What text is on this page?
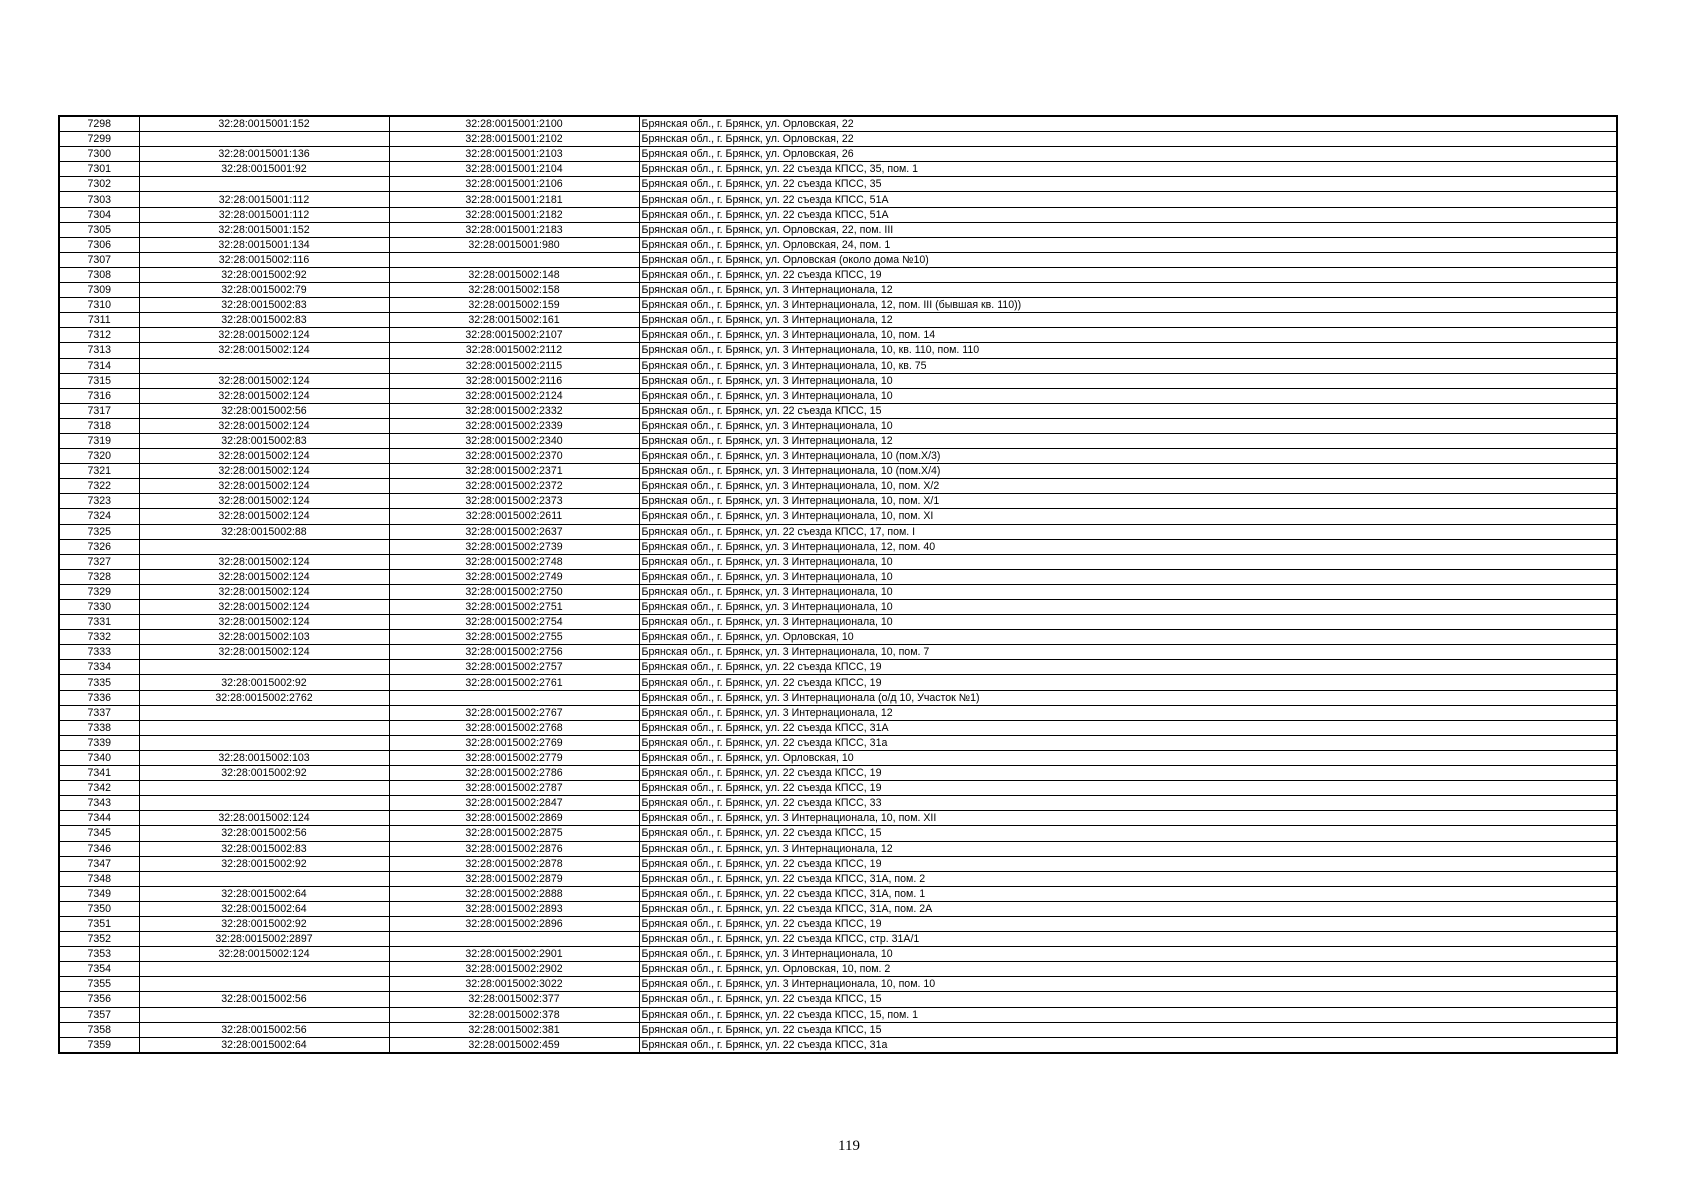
7298	32:28:0015001:152	32:28:0015001:2100	Брянская обл., г. Брянск, ул. Орловская, 22
7299		32:28:0015001:2102	Брянская обл., г. Брянск, ул. Орловская, 22
7300	32:28:0015001:136	32:28:0015001:2103	Брянская обл., г. Брянск, ул. Орловская, 26
7301	32:28:0015001:92	32:28:0015001:2104	Брянская обл., г. Брянск, ул. 22 съезда КПСС, 35, пом. 1
7302		32:28:0015001:2106	Брянская обл., г. Брянск, ул. 22 съезда КПСС, 35
7303	32:28:0015001:112	32:28:0015001:2181	Брянская обл., г. Брянск, ул. 22 съезда КПСС, 51А
7304	32:28:0015001:112	32:28:0015001:2182	Брянская обл., г. Брянск, ул. 22 съезда КПСС, 51А
7305	32:28:0015001:152	32:28:0015001:2183	Брянская обл., г. Брянск, ул. Орловская, 22, пом. III
7306	32:28:0015001:134	32:28:0015001:980	Брянская обл., г. Брянск, ул. Орловская, 24, пом. 1
7307	32:28:0015002:116		Брянская обл., г. Брянск, ул. Орловская (около дома №10)
7308	32:28:0015002:92	32:28:0015002:148	Брянская обл., г. Брянск, ул. 22 съезда КПСС, 19
7309	32:28:0015002:79	32:28:0015002:158	Брянская обл., г. Брянск, ул. 3 Интернационала, 12
7310	32:28:0015002:83	32:28:0015002:159	Брянская обл., г. Брянск, ул. 3 Интернационала, 12, пом. III (бывшая кв. 110))
7311	32:28:0015002:83	32:28:0015002:161	Брянская обл., г. Брянск, ул. 3 Интернационала, 12
7312	32:28:0015002:124	32:28:0015002:2107	Брянская обл., г. Брянск, ул. 3 Интернационала, 10, пом. 14
7313	32:28:0015002:124	32:28:0015002:2112	Брянская обл., г. Брянск, ул. 3 Интернационала, 10, кв. 110, пом. 110
7314		32:28:0015002:2115	Брянская обл., г. Брянск, ул. 3 Интернационала, 10, кв. 75
7315	32:28:0015002:124	32:28:0015002:2116	Брянская обл., г. Брянск, ул. 3 Интернационала, 10
7316	32:28:0015002:124	32:28:0015002:2124	Брянская обл., г. Брянск, ул. 3 Интернационала, 10
7317	32:28:0015002:56	32:28:0015002:2332	Брянская обл., г. Брянск, ул. 22 съезда КПСС, 15
7318	32:28:0015002:124	32:28:0015002:2339	Брянская обл., г. Брянск, ул. 3 Интернационала, 10
7319	32:28:0015002:83	32:28:0015002:2340	Брянская обл., г. Брянск, ул. 3 Интернационала, 12
7320	32:28:0015002:124	32:28:0015002:2370	Брянская обл., г. Брянск, ул. 3 Интернационала, 10 (пом.Х/3)
7321	32:28:0015002:124	32:28:0015002:2371	Брянская обл., г. Брянск, ул. 3 Интернационала, 10 (пом.Х/4)
7322	32:28:0015002:124	32:28:0015002:2372	Брянская обл., г. Брянск, ул. 3 Интернационала, 10, пом. Х/2
7323	32:28:0015002:124	32:28:0015002:2373	Брянская обл., г. Брянск, ул. 3 Интернационала, 10, пом. Х/1
7324	32:28:0015002:124	32:28:0015002:2611	Брянская обл., г. Брянск, ул. 3 Интернационала, 10, пом. XI
7325	32:28:0015002:88	32:28:0015002:2637	Брянская обл., г. Брянск, ул. 22 съезда КПСС, 17, пом. I
7326		32:28:0015002:2739	Брянская обл., г. Брянск, ул. 3 Интернационала, 12, пом. 40
7327	32:28:0015002:124	32:28:0015002:2748	Брянская обл., г. Брянск, ул. 3 Интернационала, 10
7328	32:28:0015002:124	32:28:0015002:2749	Брянская обл., г. Брянск, ул. 3 Интернационала, 10
7329	32:28:0015002:124	32:28:0015002:2750	Брянская обл., г. Брянск, ул. 3 Интернационала, 10
7330	32:28:0015002:124	32:28:0015002:2751	Брянская обл., г. Брянск, ул. 3 Интернационала, 10
7331	32:28:0015002:124	32:28:0015002:2754	Брянская обл., г. Брянск, ул. 3 Интернационала, 10
7332	32:28:0015002:103	32:28:0015002:2755	Брянская обл., г. Брянск, ул. Орловская, 10
7333	32:28:0015002:124	32:28:0015002:2756	Брянская обл., г. Брянск, ул. 3 Интернационала, 10, пом. 7
7334		32:28:0015002:2757	Брянская обл., г. Брянск, ул. 22 съезда КПСС, 19
7335	32:28:0015002:92	32:28:0015002:2761	Брянская обл., г. Брянск, ул. 22 съезда КПСС, 19
7336	32:28:0015002:2762		Брянская обл., г. Брянск, ул. 3 Интернационала (о/д 10, Участок №1)
7337		32:28:0015002:2767	Брянская обл., г. Брянск, ул. 3 Интернационала, 12
7338		32:28:0015002:2768	Брянская обл., г. Брянск, ул. 22 съезда КПСС, 31А
7339		32:28:0015002:2769	Брянская обл., г. Брянск, ул. 22 съезда КПСС, 31а
7340	32:28:0015002:103	32:28:0015002:2779	Брянская обл., г. Брянск, ул. Орловская, 10
7341	32:28:0015002:92	32:28:0015002:2786	Брянская обл., г. Брянск, ул. 22 съезда КПСС, 19
7342		32:28:0015002:2787	Брянская обл., г. Брянск, ул. 22 съезда КПСС, 19
7343		32:28:0015002:2847	Брянская обл., г. Брянск, ул. 22 съезда КПСС, 33
7344	32:28:0015002:124	32:28:0015002:2869	Брянская обл., г. Брянск, ул. 3 Интернационала, 10, пом. XII
7345	32:28:0015002:56	32:28:0015002:2875	Брянская обл., г. Брянск, ул. 22 съезда КПСС, 15
7346	32:28:0015002:83	32:28:0015002:2876	Брянская обл., г. Брянск, ул. 3 Интернационала, 12
7347	32:28:0015002:92	32:28:0015002:2878	Брянская обл., г. Брянск, ул. 22 съезда КПСС, 19
7348		32:28:0015002:2879	Брянская обл., г. Брянск, ул. 22 съезда КПСС, 31А, пом. 2
7349	32:28:0015002:64	32:28:0015002:2888	Брянская обл., г. Брянск, ул. 22 съезда КПСС, 31А, пом. 1
7350	32:28:0015002:64	32:28:0015002:2893	Брянская обл., г. Брянск, ул. 22 съезда КПСС, 31А, пом. 2А
7351	32:28:0015002:92	32:28:0015002:2896	Брянская обл., г. Брянск, ул. 22 съезда КПСС, 19
7352	32:28:0015002:2897		Брянская обл., г. Брянск, ул. 22 съезда КПСС, стр. 31А/1
7353	32:28:0015002:124	32:28:0015002:2901	Брянская обл., г. Брянск, ул. 3 Интернационала, 10
7354		32:28:0015002:2902	Брянская обл., г. Брянск, ул. Орловская, 10, пом. 2
7355		32:28:0015002:3022	Брянская обл., г. Брянск, ул. 3 Интернационала, 10, пом. 10
7356	32:28:0015002:56	32:28:0015002:377	Брянская обл., г. Брянск, ул. 22 съезда КПСС, 15
7357		32:28:0015002:378	Брянская обл., г. Брянск, ул. 22 съезда КПСС, 15, пом. 1
7358	32:28:0015002:56	32:28:0015002:381	Брянская обл., г. Брянск, ул. 22 съезда КПСС, 15
7359	32:28:0015002:64	32:28:0015002:459	Брянская обл., г. Брянск, ул. 22 съезда КПСС, 31а
119
